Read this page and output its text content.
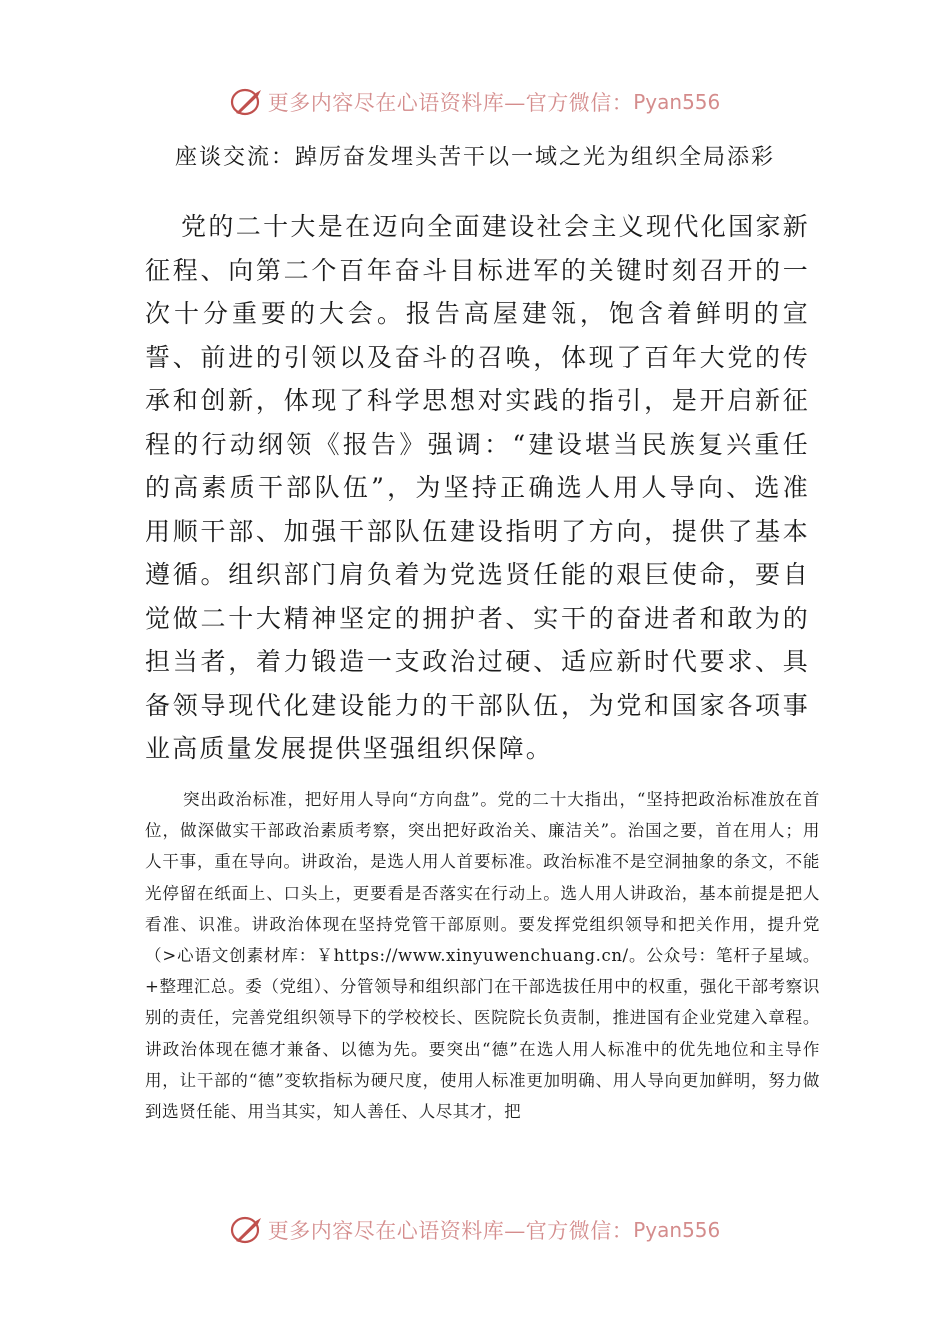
更多内容尽在心语资料库—官方微信： Pyan556
座谈交流：踔厉奋发埋头苦干以一域之光为组织全局添彩

党的二十大是在迈向全面建设社会主义现代化国家新征程、向第二个百年奋斗目标进军的关键时刻召开的一次十分重要的大会。报告高屋建瓴，饱含着鲜明的宣誓、前进的引领以及奋斗的召唤，体现了百年大党的传承和创新，体现了科学思想对实践的指引，是开启新征程的行动纲领《报告》强调：“建设堪当民族复兴重任的高素质干部队伍”，为坚持正确选人用人导向、选准用顺干部、加强干部队伍建设指明了方向，提供了基本遵循。组织部门肩负着为党选贤任能的艰巨使命，要自觉做二十大精神坚定的拥护者、实干的奋进者和敢为的担当者，着力锻造一支政治过硬、适应新时代要求、具备领导现代化建设能力的干部队伍，为党和国家各项事业高质量发展提供坚强组织保障。

突出政治标准，把好用人导向“方向盘”。党的二十大指出，“坚持把政治标准放在首位，做深做实干部政治素质考察，突出把好政治关、廉洁关”。治国之要，首在用人；用人干事，重在导向。讲政治，是选人用人首要标准。政治标准不是空洞抽象的条文，不能光停留在纸面上、口头上，更要看是否落实在行动上。选人用人讲政治，基本前提是把人看准、识准。讲政治体现在坚持党管干部原则。要发挥党组织领导和把关作用，提升党（>心语文创素材库：￥https://www.xinyuwenchuang.cn/。公众号：笔杆子星域。+整理汇总。委（党组）、分管领导和组织部门在干部选拔任用中的权重，强化干部考察识别的责任，完善党组织领导下的学校校长、医院院长负责制，推进国有企业党建入章程。讲政治体现在德才兼备、以德为先。要突出“德”在选人用人标准中的优先地位和主导作用，让干部的“德”变软指标为硬尺度，使用人标准更加明确、用人导向更加鲜明，努力做到选贤任能、用当其实，知人善任、人尽其才，把

更多内容尽在心语资料库—官方微信： Pyan556
